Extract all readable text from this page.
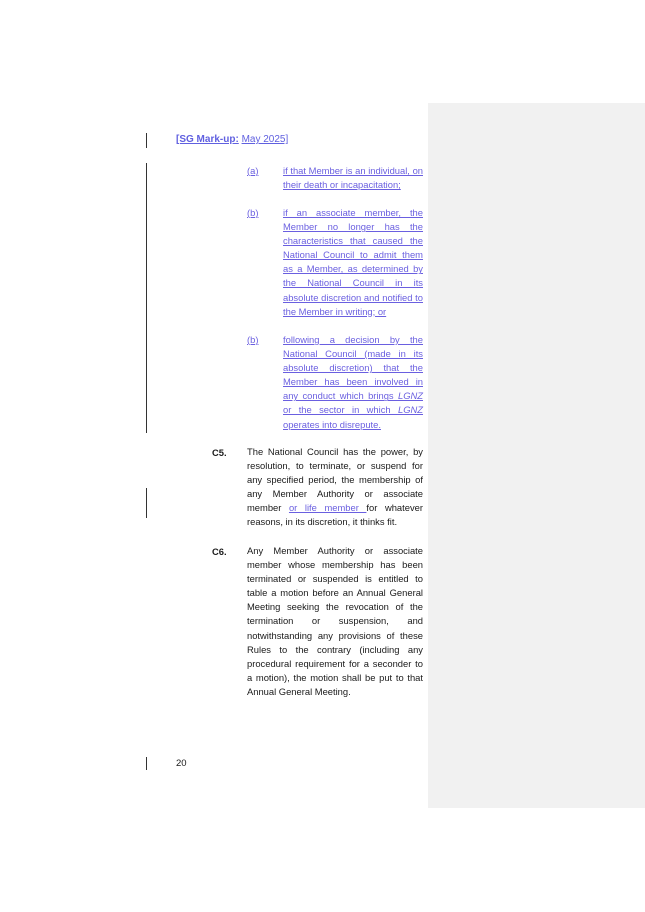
[SG Mark-up: May 2025]
(a)	if that Member is an individual, on their death or incapacitation;
(b)	if an associate member, the Member no longer has the characteristics that caused the National Council to admit them as a Member, as determined by the National Council in its absolute discretion and notified to the Member in writing; or
(b)	following a decision by the National Council (made in its absolute discretion) that the Member has been involved in any conduct which brings LGNZ or the sector in which LGNZ operates into disrepute.
C5. The National Council has the power, by resolution, to terminate, or suspend for any specified period, the membership of any Member Authority or associate member or life member for whatever reasons, in its discretion, it thinks fit.
C6. Any Member Authority or associate member whose membership has been terminated or suspended is entitled to table a motion before an Annual General Meeting seeking the revocation of the termination or suspension, and notwithstanding any provisions of these Rules to the contrary (including any procedural requirement for a seconder to a motion), the motion shall be put to that Annual General Meeting.
20
